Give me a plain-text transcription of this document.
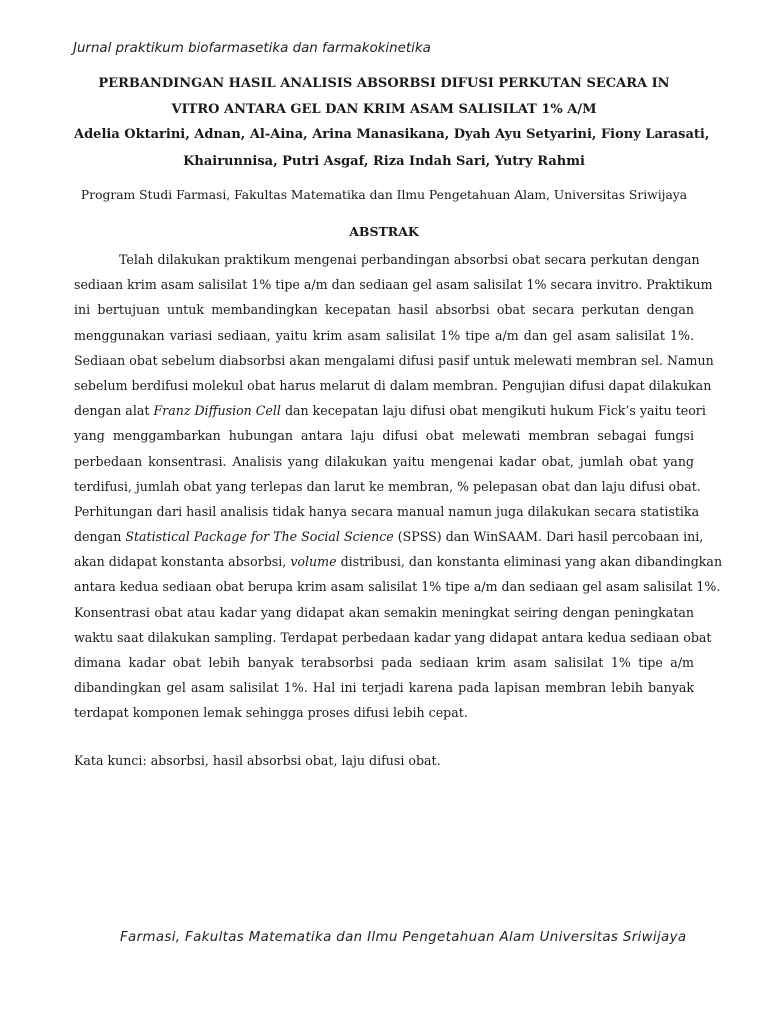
Jurnal praktikum biofarmasetika dan farmakokinetika
PERBANDINGAN HASIL ANALISIS ABSORBSI DIFUSI PERKUTAN SECARA IN
VITRO ANTARA GEL DAN KRIM ASAM SALISILAT 1% A/M
Adelia Oktarini, Adnan, Al-Aina, Arina Manasikana, Dyah Ayu Setyarini, Fiony Larasati,
Khairunnisa, Putri Asgaf, Riza Indah Sari, Yutry Rahmi
Program Studi Farmasi, Fakultas Matematika dan Ilmu Pengetahuan Alam, Universitas Sriwijaya
ABSTRAK
Telah dilakukan praktikum mengenai perbandingan absorbsi obat secara perkutan dengan
sediaan krim asam salisilat 1% tipe a/m dan sediaan gel asam salisilat 1% secara invitro. Praktikum
ini bertujuan untuk membandingkan kecepatan hasil absorbsi obat secara perkutan dengan
menggunakan variasi sediaan, yaitu krim asam salisilat 1% tipe a/m dan gel asam salisilat 1%.
Sediaan obat sebelum diabsorbsi akan mengalami difusi pasif untuk melewati membran sel. Namun
sebelum berdifusi molekul obat harus melarut di dalam membran. Pengujian difusi dapat dilakukan
dengan alat Franz Diffusion Cell dan kecepatan laju difusi obat mengikuti hukum Fick’s yaitu teori
yang menggambarkan hubungan antara laju difusi obat melewati membran sebagai fungsi
perbedaan konsentrasi. Analisis yang dilakukan yaitu mengenai kadar obat, jumlah obat yang
terdifusi, jumlah obat yang terlepas dan larut ke membran, % pelepasan obat dan laju difusi obat.
Perhitungan dari hasil analisis tidak hanya secara manual namun juga dilakukan secara statistika
dengan Statistical Package for The Social Science (SPSS) dan WinSAAM. Dari hasil percobaan ini,
akan didapat konstanta absorbsi, volume distribusi, dan konstanta eliminasi yang akan dibandingkan
antara kedua sediaan obat berupa krim asam salisilat 1% tipe a/m dan sediaan gel asam salisilat 1%.
Konsentrasi obat atau kadar yang didapat akan semakin meningkat seiring dengan peningkatan
waktu saat dilakukan sampling. Terdapat perbedaan kadar yang didapat antara kedua sediaan obat
dimana kadar obat lebih banyak terabsorbsi pada sediaan krim asam salisilat 1% tipe a/m
dibandingkan gel asam salisilat 1%. Hal ini terjadi karena pada lapisan membran lebih banyak
terdapat komponen lemak sehingga proses difusi lebih cepat.
Kata kunci: absorbsi, hasil absorbsi obat, laju difusi obat.
Farmasi, Fakultas Matematika dan Ilmu Pengetahuan Alam Universitas Sriwijaya
